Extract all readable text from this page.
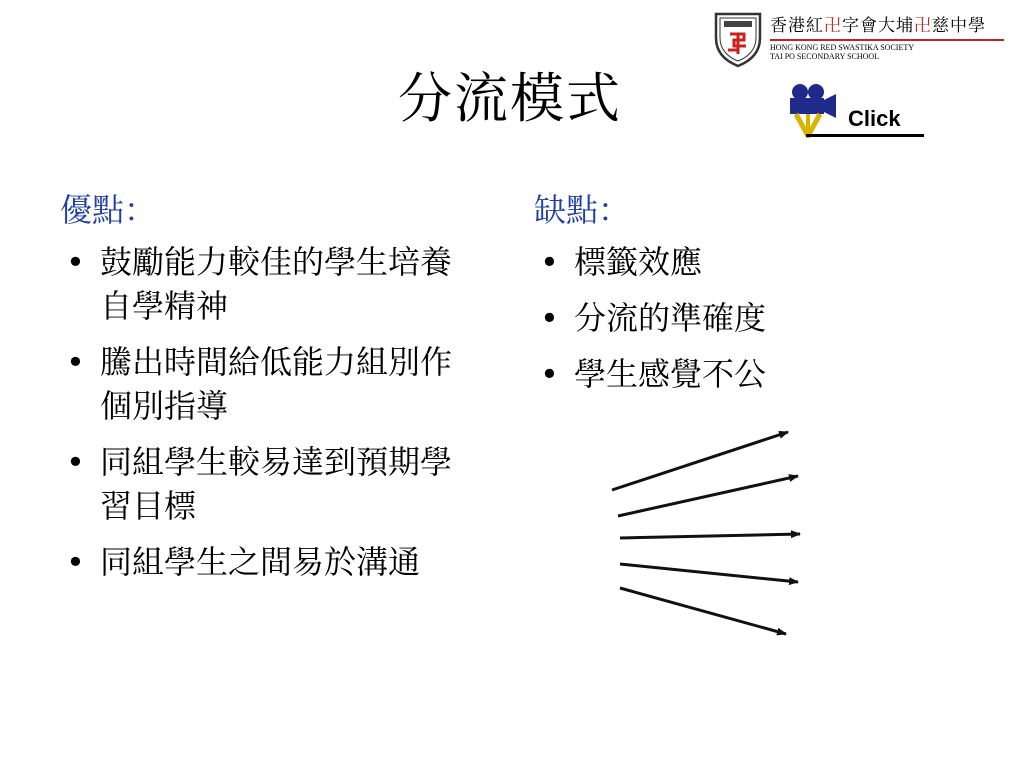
香港紅卍字會大埔卍慈中學
HONG KONG RED SWASTIKA SOCIETY
TAI PO SECONDARY SCHOOL
分流模式	Click
優點：
• 鼓勵能力較佳的學生培養自學精神
• 騰出時間給低能力組別作個別指導
• 同組學生較易達到預期學習目標
• 同組學生之間易於溝通
缺點：
• 標籤效應
• 分流的準確度
• 學生感覺不公
